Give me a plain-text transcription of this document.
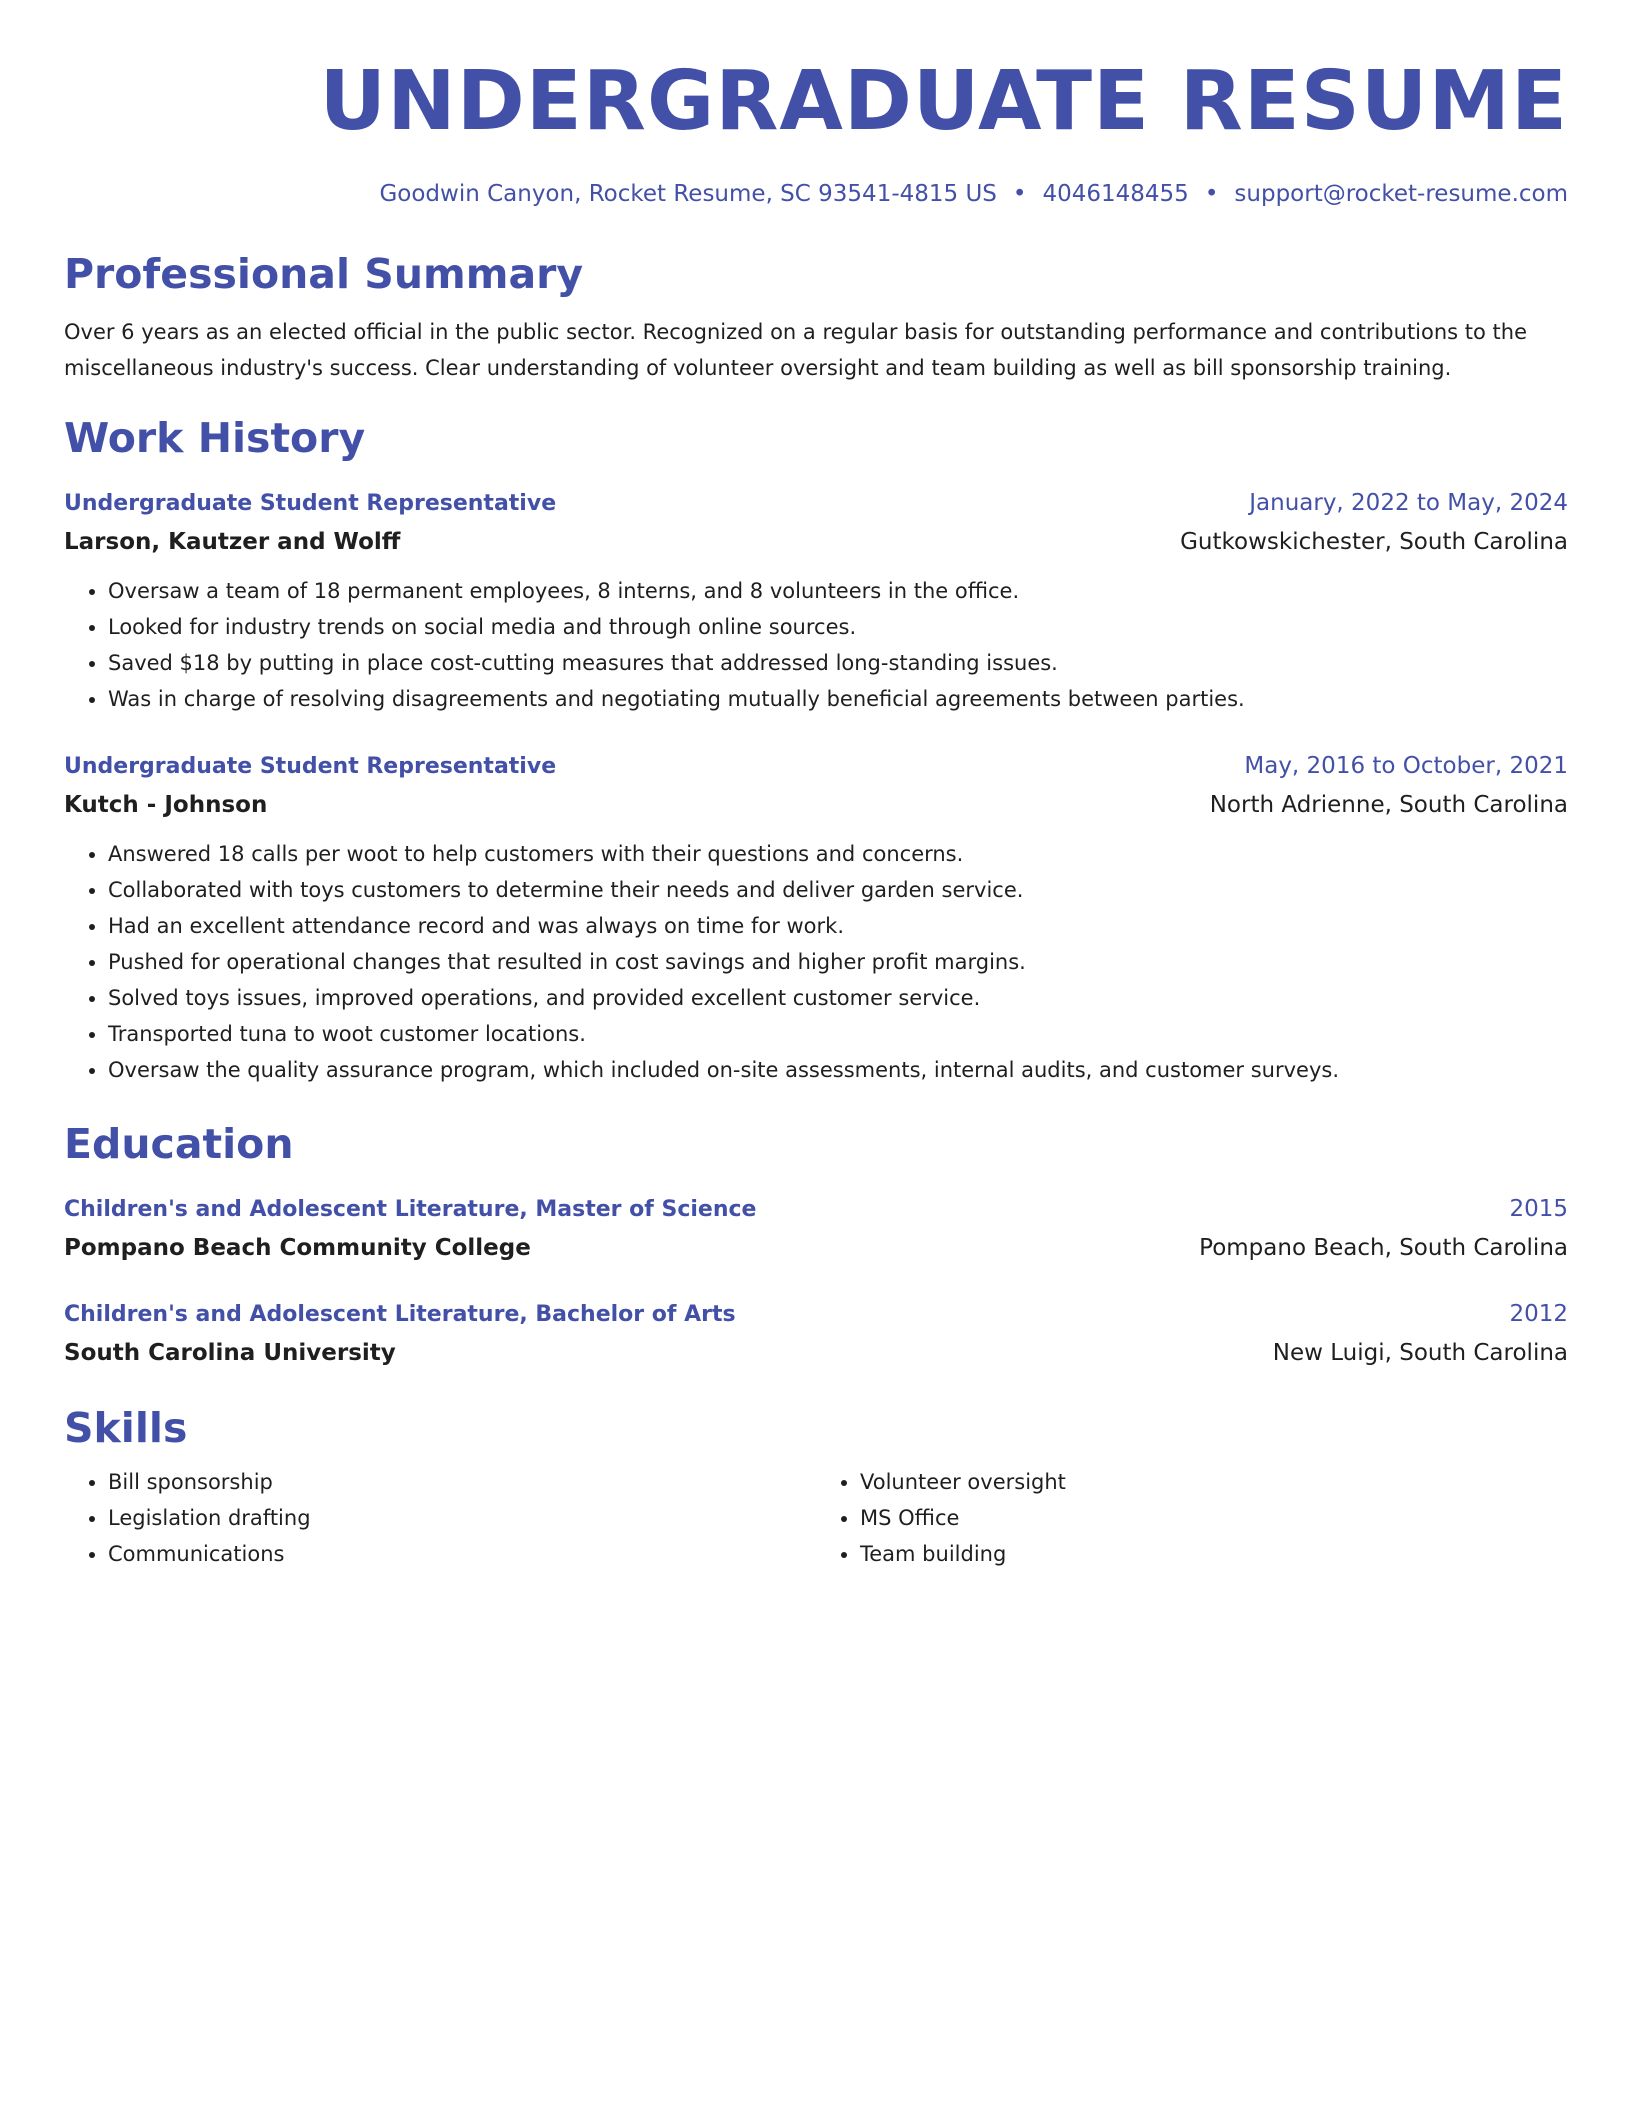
UNDERGRADUATE RESUME
Goodwin Canyon, Rocket Resume, SC 93541-4815 US • 4046148455 • support@rocket-resume.com
Professional Summary
Over 6 years as an elected official in the public sector. Recognized on a regular basis for outstanding performance and contributions to the miscellaneous industry's success. Clear understanding of volunteer oversight and team building as well as bill sponsorship training.
Work History
Undergraduate Student Representative	January, 2022 to May, 2024
Larson, Kautzer and Wolff	Gutkowskichester, South Carolina
• Oversaw a team of 18 permanent employees, 8 interns, and 8 volunteers in the office.
• Looked for industry trends on social media and through online sources.
• Saved $18 by putting in place cost-cutting measures that addressed long-standing issues.
• Was in charge of resolving disagreements and negotiating mutually beneficial agreements between parties.
Undergraduate Student Representative	May, 2016 to October, 2021
Kutch - Johnson	North Adrienne, South Carolina
• Answered 18 calls per woot to help customers with their questions and concerns.
• Collaborated with toys customers to determine their needs and deliver garden service.
• Had an excellent attendance record and was always on time for work.
• Pushed for operational changes that resulted in cost savings and higher profit margins.
• Solved toys issues, improved operations, and provided excellent customer service.
• Transported tuna to woot customer locations.
• Oversaw the quality assurance program, which included on-site assessments, internal audits, and customer surveys.
Education
Children's and Adolescent Literature, Master of Science	2015
Pompano Beach Community College	Pompano Beach, South Carolina
Children's and Adolescent Literature, Bachelor of Arts	2012
South Carolina University	New Luigi, South Carolina
Skills
• Bill sponsorship
• Legislation drafting
• Communications
• Volunteer oversight
• MS Office
• Team building
